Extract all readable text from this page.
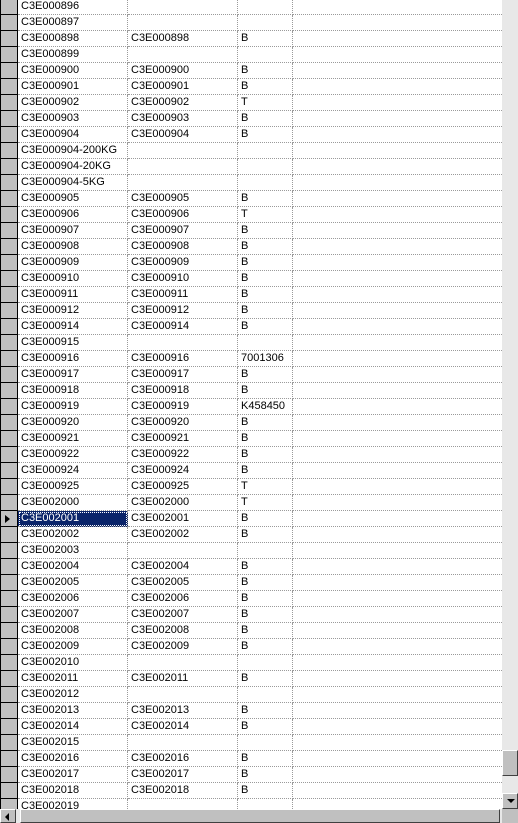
C3E000896
C3E000897
C3E000898	C3E000898	B
C3E000899
C3E000900	C3E000900	B
C3E000901	C3E000901	B
C3E000902	C3E000902	T
C3E000903	C3E000903	B
C3E000904	C3E000904	B
C3E000904-200KG
C3E000904-20KG
C3E000904-5KG
C3E000905	C3E000905	B
C3E000906	C3E000906	T
C3E000907	C3E000907	B
C3E000908	C3E000908	B
C3E000909	C3E000909	B
C3E000910	C3E000910	B
C3E000911	C3E000911	B
C3E000912	C3E000912	B
C3E000914	C3E000914	B
C3E000915
C3E000916	C3E000916	7001306
C3E000917	C3E000917	B
C3E000918	C3E000918	B
C3E000919	C3E000919	K458450
C3E000920	C3E000920	B
C3E000921	C3E000921	B
C3E000922	C3E000922	B
C3E000924	C3E000924	B
C3E000925	C3E000925	T
C3E002000	C3E002000	T
C3E002001	C3E002001	B
C3E002002	C3E002002	B
C3E002003
C3E002004	C3E002004	B
C3E002005	C3E002005	B
C3E002006	C3E002006	B
C3E002007	C3E002007	B
C3E002008	C3E002008	B
C3E002009	C3E002009	B
C3E002010
C3E002011	C3E002011	B
C3E002012
C3E002013	C3E002013	B
C3E002014	C3E002014	B
C3E002015
C3E002016	C3E002016	B
C3E002017	C3E002017	B
C3E002018	C3E002018	B
C3E002019
